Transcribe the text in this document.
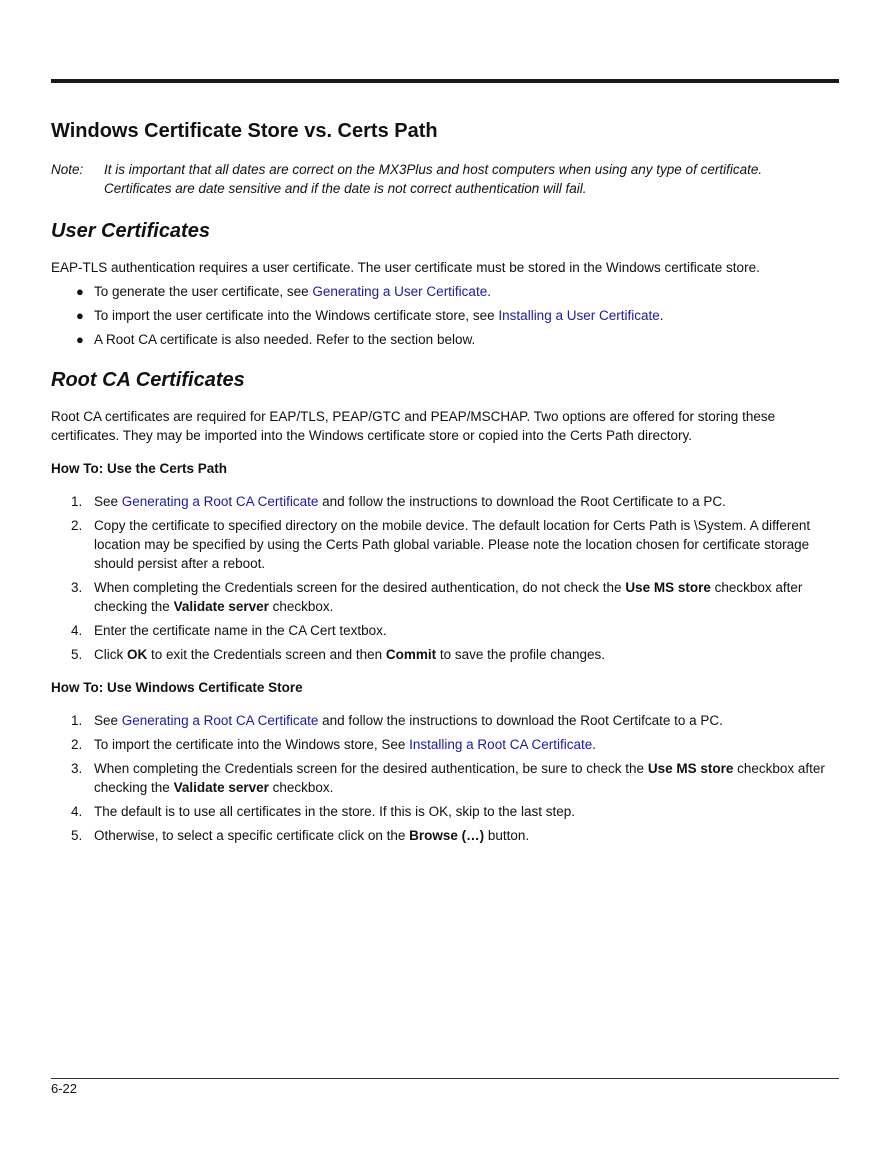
Windows Certificate Store vs. Certs Path
Note: It is important that all dates are correct on the MX3Plus and host computers when using any type of certificate.
Certificates are date sensitive and if the date is not correct authentication will fail.
User Certificates

EAP-TLS authentication requires a user certificate. The user certificate must be stored in the Windows certificate store.

● To generate the user certificate, see Generating a User Certificate.
● To import the user certificate into the Windows certificate store, see Installing a User Certificate.
● A Root CA certificate is also needed. Refer to the section below.
Root CA Certificates

Root CA certificates are required for EAP/TLS, PEAP/GTC and PEAP/MSCHAP. Two options are offered for storing these certificates. They may be imported into the Windows certificate store or copied into the Certs Path directory.

How To: Use the Certs Path
1. See Generating a Root CA Certificate and follow the instructions to download the Root Certificate to a PC.
2. Copy the certificate to specified directory on the mobile device. The default location for Certs Path is \System. A different location may be specified by using the Certs Path global variable. Please note the location chosen for certificate storage should persist after a reboot.
3. When completing the Credentials screen for the desired authentication, do not check the Use MS store checkbox after checking the Validate server checkbox.
4. Enter the certificate name in the CA Cert textbox.
5. Click OK to exit the Credentials screen and then Commit to save the profile changes.
How To: Use Windows Certificate Store
1. See Generating a Root CA Certificate and follow the instructions to download the Root Certifcate to a PC.
2. To import the certificate into the Windows store, See Installing a Root CA Certificate.
3. When completing the Credentials screen for the desired authentication, be sure to check the Use MS store checkbox after checking the Validate server checkbox.
4. The default is to use all certificates in the store. If this is OK, skip to the last step.
5. Otherwise, to select a specific certificate click on the Browse (…) button.
6-22
